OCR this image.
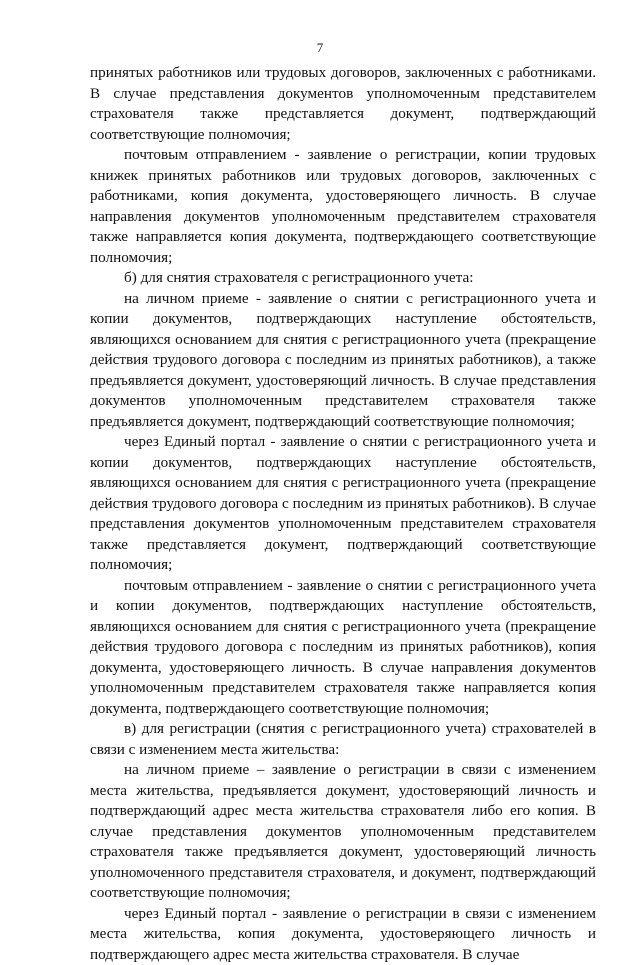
7

принятых работников или трудовых договоров, заключенных с работниками. В случае представления документов уполномоченным представителем страхователя также представляется документ, подтверждающий соответствующие полномочия;

почтовым отправлением - заявление о регистрации, копии трудовых книжек принятых работников или трудовых договоров, заключенных с работниками, копия документа, удостоверяющего личность. В случае направления документов уполномоченным представителем страхователя также направляется копия документа, подтверждающего соответствующие полномочия;

б) для снятия страхователя с регистрационного учета:

на личном приеме - заявление о снятии с регистрационного учета и копии документов, подтверждающих наступление обстоятельств, являющихся основанием для снятия с регистрационного учета (прекращение действия трудового договора с последним из принятых работников), а также предъявляется документ, удостоверяющий личность. В случае представления документов уполномоченным представителем страхователя также предъявляется документ, подтверждающий соответствующие полномочия;

через Единый портал - заявление о снятии с регистрационного учета и копии документов, подтверждающих наступление обстоятельств, являющихся основанием для снятия с регистрационного учета (прекращение действия трудового договора с последним из принятых работников). В случае представления документов уполномоченным представителем страхователя также представляется документ, подтверждающий соответствующие полномочия;

почтовым отправлением - заявление о снятии с регистрационного учета и копии документов, подтверждающих наступление обстоятельств, являющихся основанием для снятия с регистрационного учета (прекращение действия трудового договора с последним из принятых работников), копия документа, удостоверяющего личность. В случае направления документов уполномоченным представителем страхователя также направляется копия документа, подтверждающего соответствующие полномочия;

в) для регистрации (снятия с регистрационного учета) страхователей в связи с изменением места жительства:

на личном приеме – заявление о регистрации в связи с изменением места жительства, предъявляется документ, удостоверяющий личность и подтверждающий адрес места жительства страхователя либо его копия. В случае представления документов уполномоченным представителем страхователя также предъявляется документ, удостоверяющий личность уполномоченного представителя страхователя, и документ, подтверждающий соответствующие полномочия;

через Единый портал - заявление о регистрации в связи с изменением места жительства, копия документа, удостоверяющего личность и подтверждающего адрес места жительства страхователя. В случае
